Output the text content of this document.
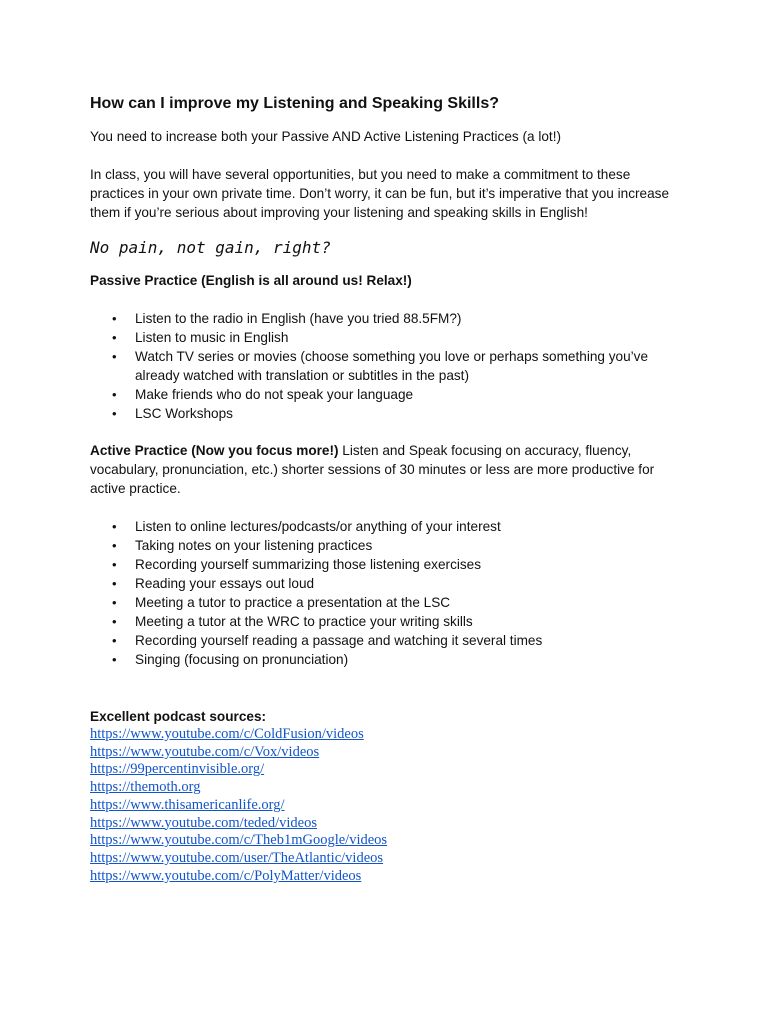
How can I improve my Listening and Speaking Skills?

You need to increase both your Passive AND Active Listening Practices (a lot!)

In class, you will have several opportunities, but you need to make a commitment to these practices in your own private time. Don’t worry, it can be fun, but it’s imperative that you increase them if you’re serious about improving your listening and speaking skills in English!

No pain, not gain, right?

Passive Practice (English is all around us! Relax!)

• Listen to the radio in English (have you tried 88.5FM?)
• Listen to music in English
• Watch TV series or movies (choose something you love or perhaps something you’ve already watched with translation or subtitles in the past)
• Make friends who do not speak your language
• LSC Workshops

Active Practice (Now you focus more!) Listen and Speak focusing on accuracy, fluency, vocabulary, pronunciation, etc.) shorter sessions of 30 minutes or less are more productive for active practice.

• Listen to online lectures/podcasts/or anything of your interest
• Taking notes on your listening practices
• Recording yourself summarizing those listening exercises
• Reading your essays out loud
• Meeting a tutor to practice a presentation at the LSC
• Meeting a tutor at the WRC to practice your writing skills
• Recording yourself reading a passage and watching it several times
• Singing (focusing on pronunciation)

Excellent podcast sources:

https://www.youtube.com/c/ColdFusion/videos
https://www.youtube.com/c/Vox/videos
https://99percentinvisible.org/
https://themoth.org
https://www.thisamericanlife.org/
https://www.youtube.com/teded/videos
https://www.youtube.com/c/Theb1mGoogle/videos
https://www.youtube.com/user/TheAtlantic/videos
https://www.youtube.com/c/PolyMatter/videos
